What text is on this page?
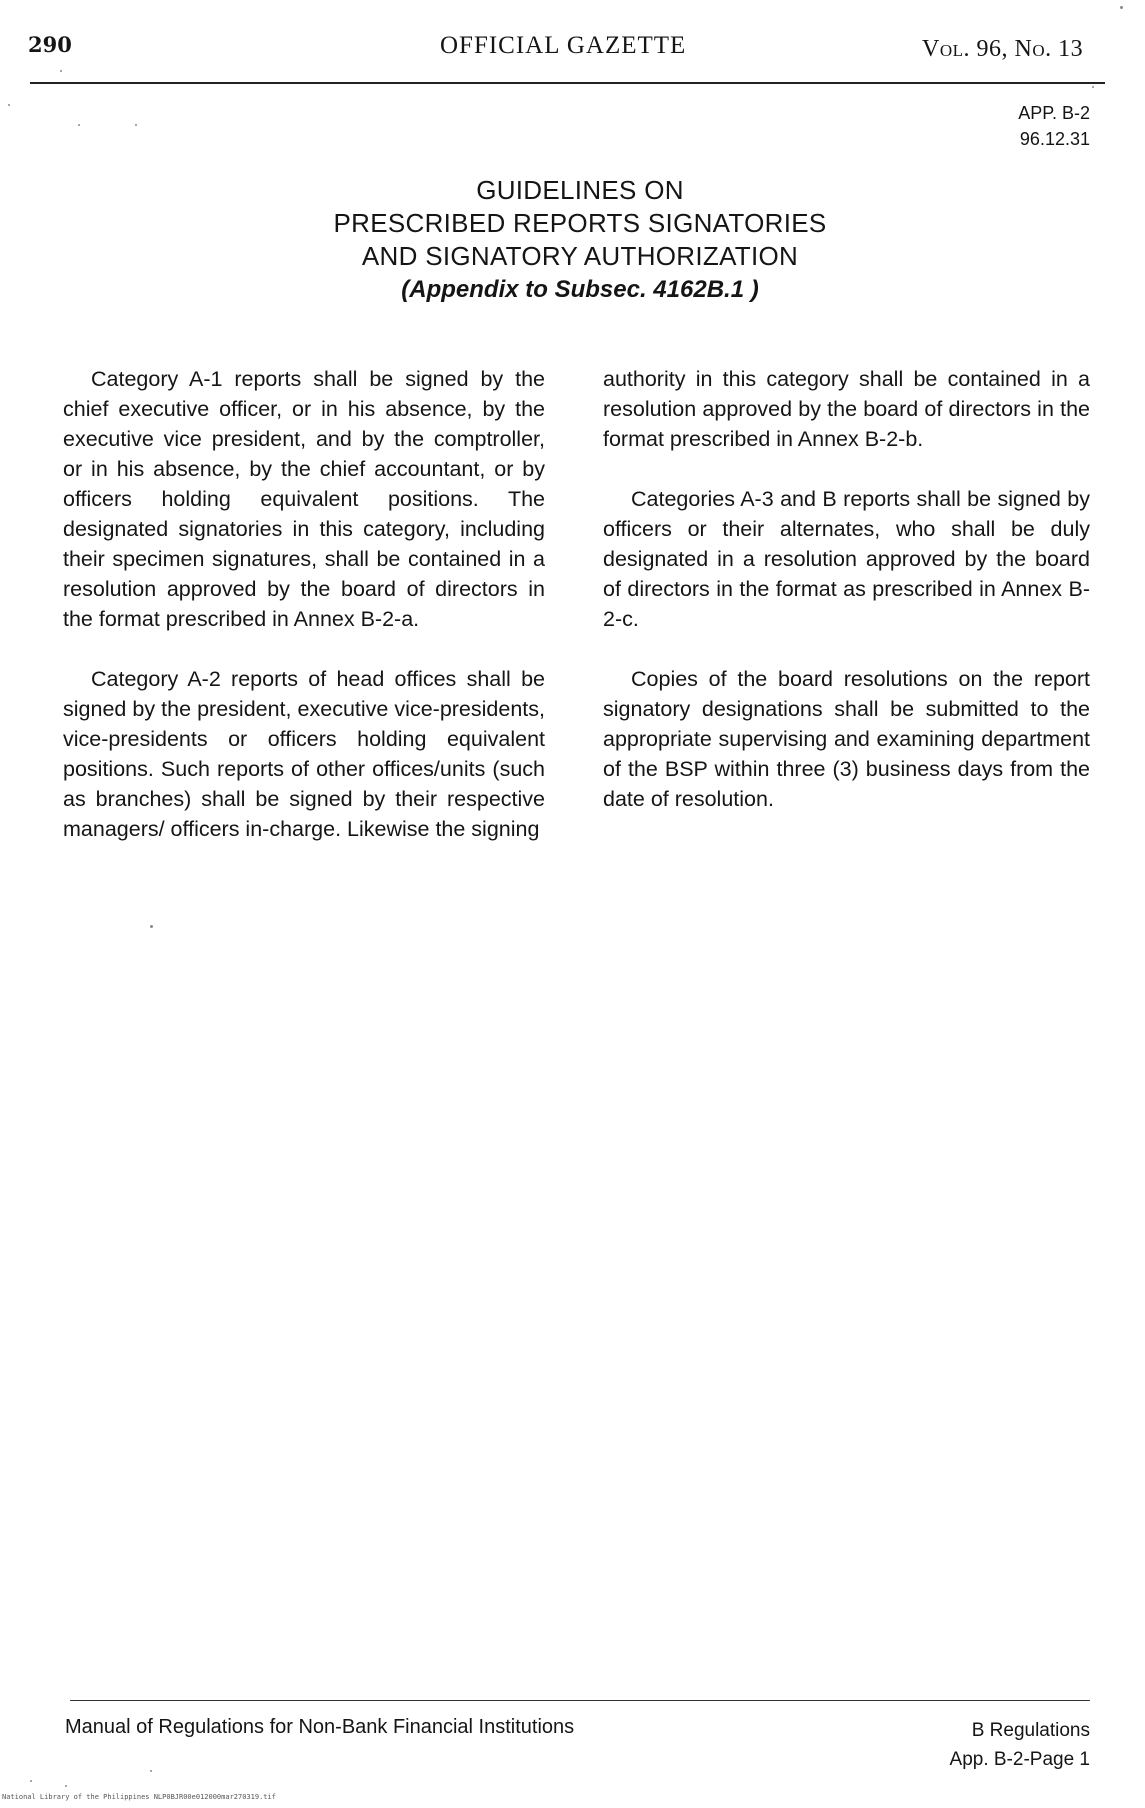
290	OFFICIAL GAZETTE	Vol. 96, No. 13
APP. B-2
96.12.31
GUIDELINES ON
PRESCRIBED REPORTS SIGNATORIES
AND SIGNATORY AUTHORIZATION
(Appendix to Subsec. 4162B.1 )

Category A-1 reports shall be signed by the chief executive officer, or in his absence, by the executive vice president, and by the comptroller, or in his absence, by the chief accountant, or by officers holding equivalent positions. The designated signatories in this category, including their specimen signatures, shall be contained in a resolution approved by the board of directors in the format prescribed in Annex B-2-a.

Category A-2 reports of head offices shall be signed by the president, executive vice-presidents, vice-presidents or officers holding equivalent positions. Such reports of other offices/units (such as branches) shall be signed by their respective managers/ officers in-charge. Likewise the signing

authority in this category shall be contained in a resolution approved by the board of directors in the format prescribed in Annex B-2-b.

Categories A-3 and B reports shall be signed by officers or their alternates, who shall be duly designated in a resolution approved by the board of directors in the format as prescribed in Annex B-2-c.

Copies of the board resolutions on the report signatory designations shall be submitted to the appropriate supervising and examining department of the BSP within three (3) business days from the date of resolution.

Manual of Regulations for Non-Bank Financial Institutions	B Regulations
App. B-2-Page 1
National Library of the Philippines NLP0BJR00e012000mar270319.tif
